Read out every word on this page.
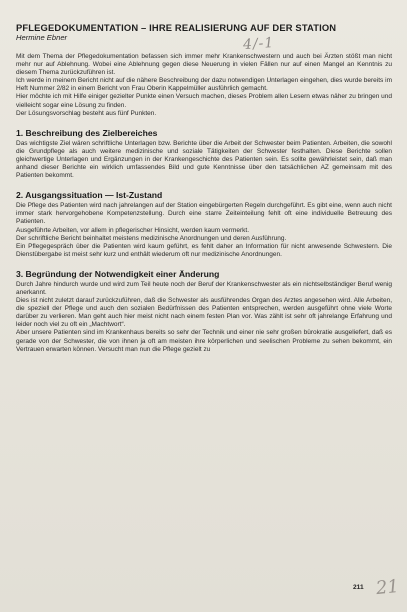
PFLEGEDOKUMENTATION – IHRE REALISIERUNG AUF DER STATION

Hermine Ebner

Mit dem Thema der Pflegedokumentation befassen sich immer mehr Krankenschwestern und auch bei Ärzten stößt man nicht mehr nur auf Ablehnung. Wobei eine Ablehnung gegen diese Neuerung in vielen Fällen nur auf einen Mangel an Kenntnis zu diesem Thema zurückzuführen ist.

Ich werde in meinem Bericht nicht auf die nähere Beschreibung der dazu notwendigen Unterlagen eingehen, dies wurde bereits im Heft Nummer 2/82 in einem Bericht von Frau Oberin Kappelmüller ausführlich gemacht.

Hier möchte ich mit Hilfe einiger gezielter Punkte einen Versuch machen, dieses Problem allen Lesern etwas näher zu bringen und vielleicht sogar eine Lösung zu finden.

Der Lösungsvorschlag besteht aus fünf Punkten.

1. Beschreibung des Zielbereiches

Das wichtigste Ziel wären schriftliche Unterlagen bzw. Berichte über die Arbeit der Schwester beim Patienten. Arbeiten, die sowohl die Grundpflege als auch weitere medizinische und soziale Tätigkeiten der Schwester festhalten. Diese Berichte sollen gleichwertige Unterlagen und Ergänzungen in der Krankengeschichte des Patienten sein. Es sollte gewährleistet sein, daß man anhand dieser Berichte ein wirklich umfassendes Bild und gute Kenntnisse über den tatsächlichen AZ gemeinsam mit des Patienten bekommt.

2. Ausgangssituation — Ist-Zustand

Die Pflege des Patienten wird nach jahrelangen auf der Station eingebürgerten Regeln durchgeführt. Es gibt eine, wenn auch nicht immer stark hervorgehobene Kompetenzstellung. Durch eine starre Zeiteinteilung fehlt oft eine individuelle Betreuung des Patienten.

Ausgeführte Arbeiten, vor allem in pflegerischer Hinsicht, werden kaum vermerkt.

Der schriftliche Bericht beinhaltet meistens medizinische Anordnungen und deren Ausführung.

Ein Pflegegespräch über die Patienten wird kaum geführt, es fehlt daher an Information für nicht anwesende Schwestern. Die Dienstübergabe ist meist sehr kurz und enthält wiederum oft nur medizinische Anordnungen.

3. Begründung der Notwendigkeit einer Änderung

Durch Jahre hindurch wurde und wird zum Teil heute noch der Beruf der Krankenschwester als ein nichtselbständiger Beruf wenig anerkannt.

Dies ist nicht zuletzt darauf zurückzuführen, daß die Schwester als ausführendes Organ des Arztes angesehen wird. Alle Arbeiten, die speziell der Pflege und auch den sozialen Bedürfnissen des Patienten entsprechen, werden ausgeführt ohne viele Worte darüber zu verlieren. Man geht auch hier meist nicht nach einem festen Plan vor. Was zählt ist sehr oft jahrelange Erfahrung und leider noch viel zu oft ein „Machtwort“.

Aber unsere Patienten sind im Krankenhaus bereits so sehr der Technik und einer nie sehr großen bürokratie ausgeliefert, daß es gerade von der Schwester, die von ihnen ja oft am meisten ihre körperlichen und seelischen Probleme zu sehen bekommt, ein Vertrauen erwarten können. Versucht man nun die Pflege gezielt zu

4/-1
211 21
